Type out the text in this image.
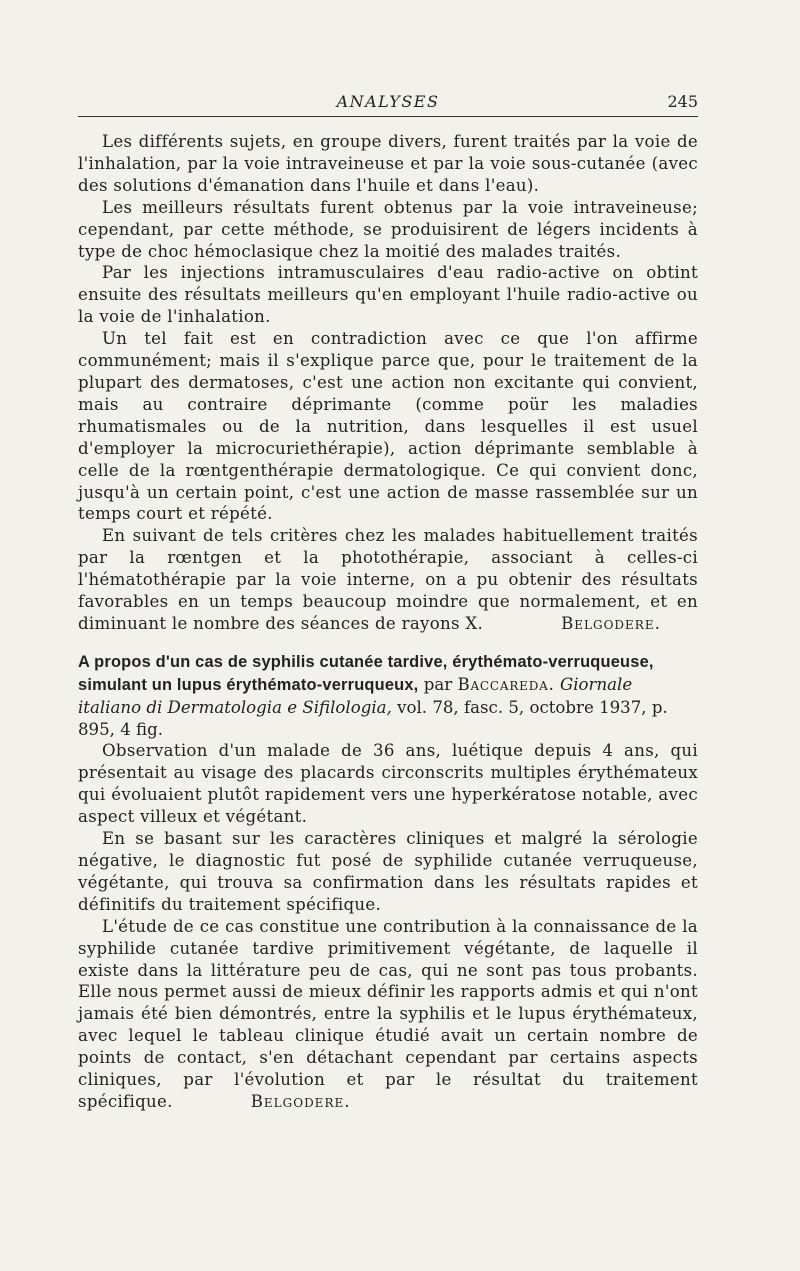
ANALYSES	245

Les différents sujets, en groupe divers, furent traités par la voie de l'inhalation, par la voie intraveineuse et par la voie sous-cutanée (avec des solutions d'émanation dans l'huile et dans l'eau).

Les meilleurs résultats furent obtenus par la voie intraveineuse; cependant, par cette méthode, se produisirent de légers incidents à type de choc hémoclasique chez la moitié des malades traités.

Par les injections intramusculaires d'eau radio-active on obtint ensuite des résultats meilleurs qu'en employant l'huile radio-active ou la voie de l'inhalation.

Un tel fait est en contradiction avec ce que l'on affirme communément; mais il s'explique parce que, pour le traitement de la plupart des dermatoses, c'est une action non excitante qui convient, mais au contraire déprimante (comme poür les maladies rhumatismales ou de la nutrition, dans lesquelles il est usuel d'employer la microcuriethérapie), action déprimante semblable à celle de la rœntgenthérapie dermatologique. Ce qui convient donc, jusqu'à un certain point, c'est une action de masse rassemblée sur un temps court et répété.

En suivant de tels critères chez les malades habituellement traités par la rœntgen et la photothérapie, associant à celles-ci l'hématothérapie par la voie interne, on a pu obtenir des résultats favorables en un temps beaucoup moindre que normalement, et en diminuant le nombre des séances de rayons X.	Belgodere.

A propos d'un cas de syphilis cutanée tardive, érythémato-verruqueuse, simulant un lupus érythémato-verruqueux, par Baccareda. Giornale italiano di Dermatologia e Sifilologia, vol. 78, fasc. 5, octobre 1937, p. 895, 4 fig.

Observation d'un malade de 36 ans, luétique depuis 4 ans, qui présentait au visage des placards circonscrits multiples érythémateux qui évoluaient plutôt rapidement vers une hyperkératose notable, avec aspect villeux et végétant.

En se basant sur les caractères cliniques et malgré la sérologie négative, le diagnostic fut posé de syphilide cutanée verruqueuse, végétante, qui trouva sa confirmation dans les résultats rapides et définitifs du traitement spécifique.

L'étude de ce cas constitue une contribution à la connaissance de la syphilide cutanée tardive primitivement végétante, de laquelle il existe dans la littérature peu de cas, qui ne sont pas tous probants. Elle nous permet aussi de mieux définir les rapports admis et qui n'ont jamais été bien démontrés, entre la syphilis et le lupus érythémateux, avec lequel le tableau clinique étudié avait un certain nombre de points de contact, s'en détachant cependant par certains aspects cliniques, par l'évolution et par le résultat du traitement spécifique.	Belgodere.
